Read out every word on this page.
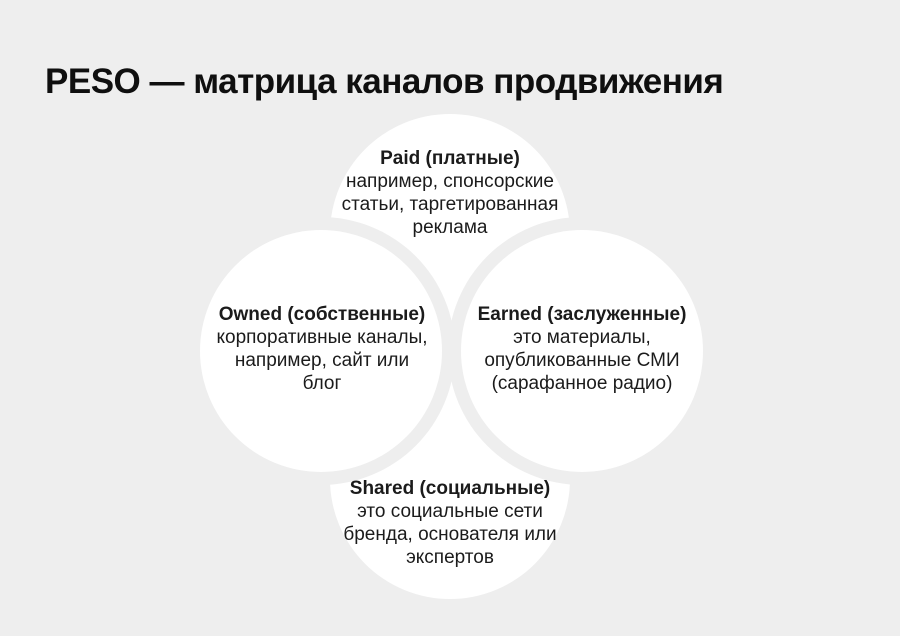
PESO — матрица каналов продвижения
Paid (платные)
например, спонсорские
статьи, таргетированная
реклама
Owned (собственные)
корпоративные каналы,
например, сайт или
блог
Earned (заслуженные)
это материалы,
опубликованные СМИ
(сарафанное радио)
Shared (социальные)
это социальные сети
бренда, основателя или
экспертов
